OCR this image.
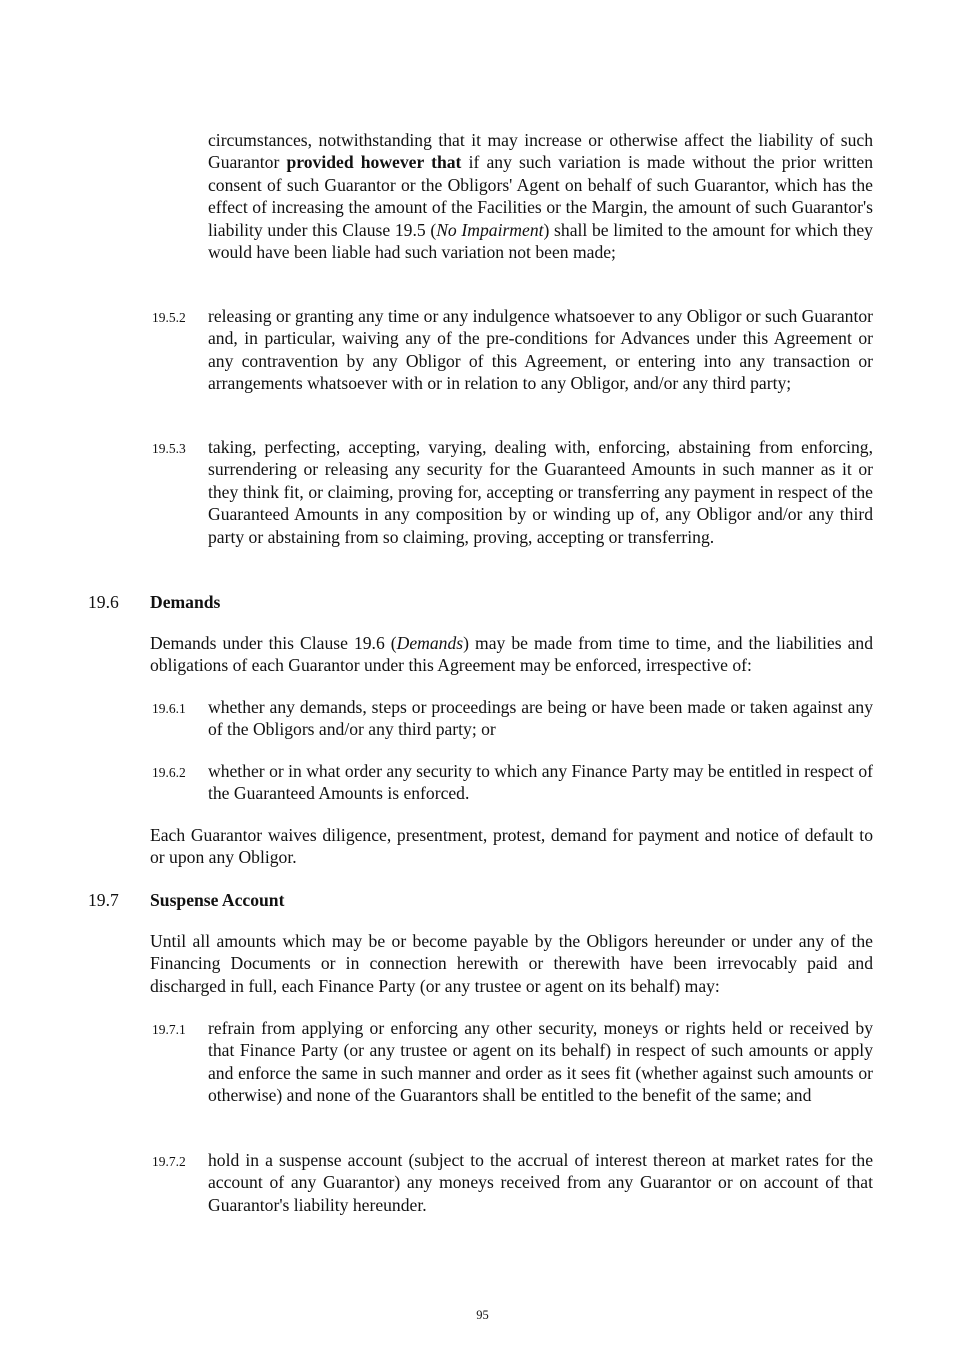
circumstances, notwithstanding that it may increase or otherwise affect the liability of such Guarantor provided however that if any such variation is made without the prior written consent of such Guarantor or the Obligors' Agent on behalf of such Guarantor, which has the effect of increasing the amount of the Facilities or the Margin, the amount of such Guarantor's liability under this Clause 19.5 (No Impairment) shall be limited to the amount for which they would have been liable had such variation not been made;

19.5.2 releasing or granting any time or any indulgence whatsoever to any Obligor or such Guarantor and, in particular, waiving any of the pre-conditions for Advances under this Agreement or any contravention by any Obligor of this Agreement, or entering into any transaction or arrangements whatsoever with or in relation to any Obligor, and/or any third party;

19.5.3 taking, perfecting, accepting, varying, dealing with, enforcing, abstaining from enforcing, surrendering or releasing any security for the Guaranteed Amounts in such manner as it or they think fit, or claiming, proving for, accepting or transferring any payment in respect of the Guaranteed Amounts in any composition by or winding up of, any Obligor and/or any third party or abstaining from so claiming, proving, accepting or transferring.

19.6 Demands

Demands under this Clause 19.6 (Demands) may be made from time to time, and the liabilities and obligations of each Guarantor under this Agreement may be enforced, irrespective of:

19.6.1 whether any demands, steps or proceedings are being or have been made or taken against any of the Obligors and/or any third party; or

19.6.2 whether or in what order any security to which any Finance Party may be entitled in respect of the Guaranteed Amounts is enforced.

Each Guarantor waives diligence, presentment, protest, demand for payment and notice of default to or upon any Obligor.

19.7 Suspense Account

Until all amounts which may be or become payable by the Obligors hereunder or under any of the Financing Documents or in connection herewith or therewith have been irrevocably paid and discharged in full, each Finance Party (or any trustee or agent on its behalf) may:

19.7.1 refrain from applying or enforcing any other security, moneys or rights held or received by that Finance Party (or any trustee or agent on its behalf) in respect of such amounts or apply and enforce the same in such manner and order as it sees fit (whether against such amounts or otherwise) and none of the Guarantors shall be entitled to the benefit of the same; and

19.7.2 hold in a suspense account (subject to the accrual of interest thereon at market rates for the account of any Guarantor) any moneys received from any Guarantor or on account of that Guarantor's liability hereunder.

95
